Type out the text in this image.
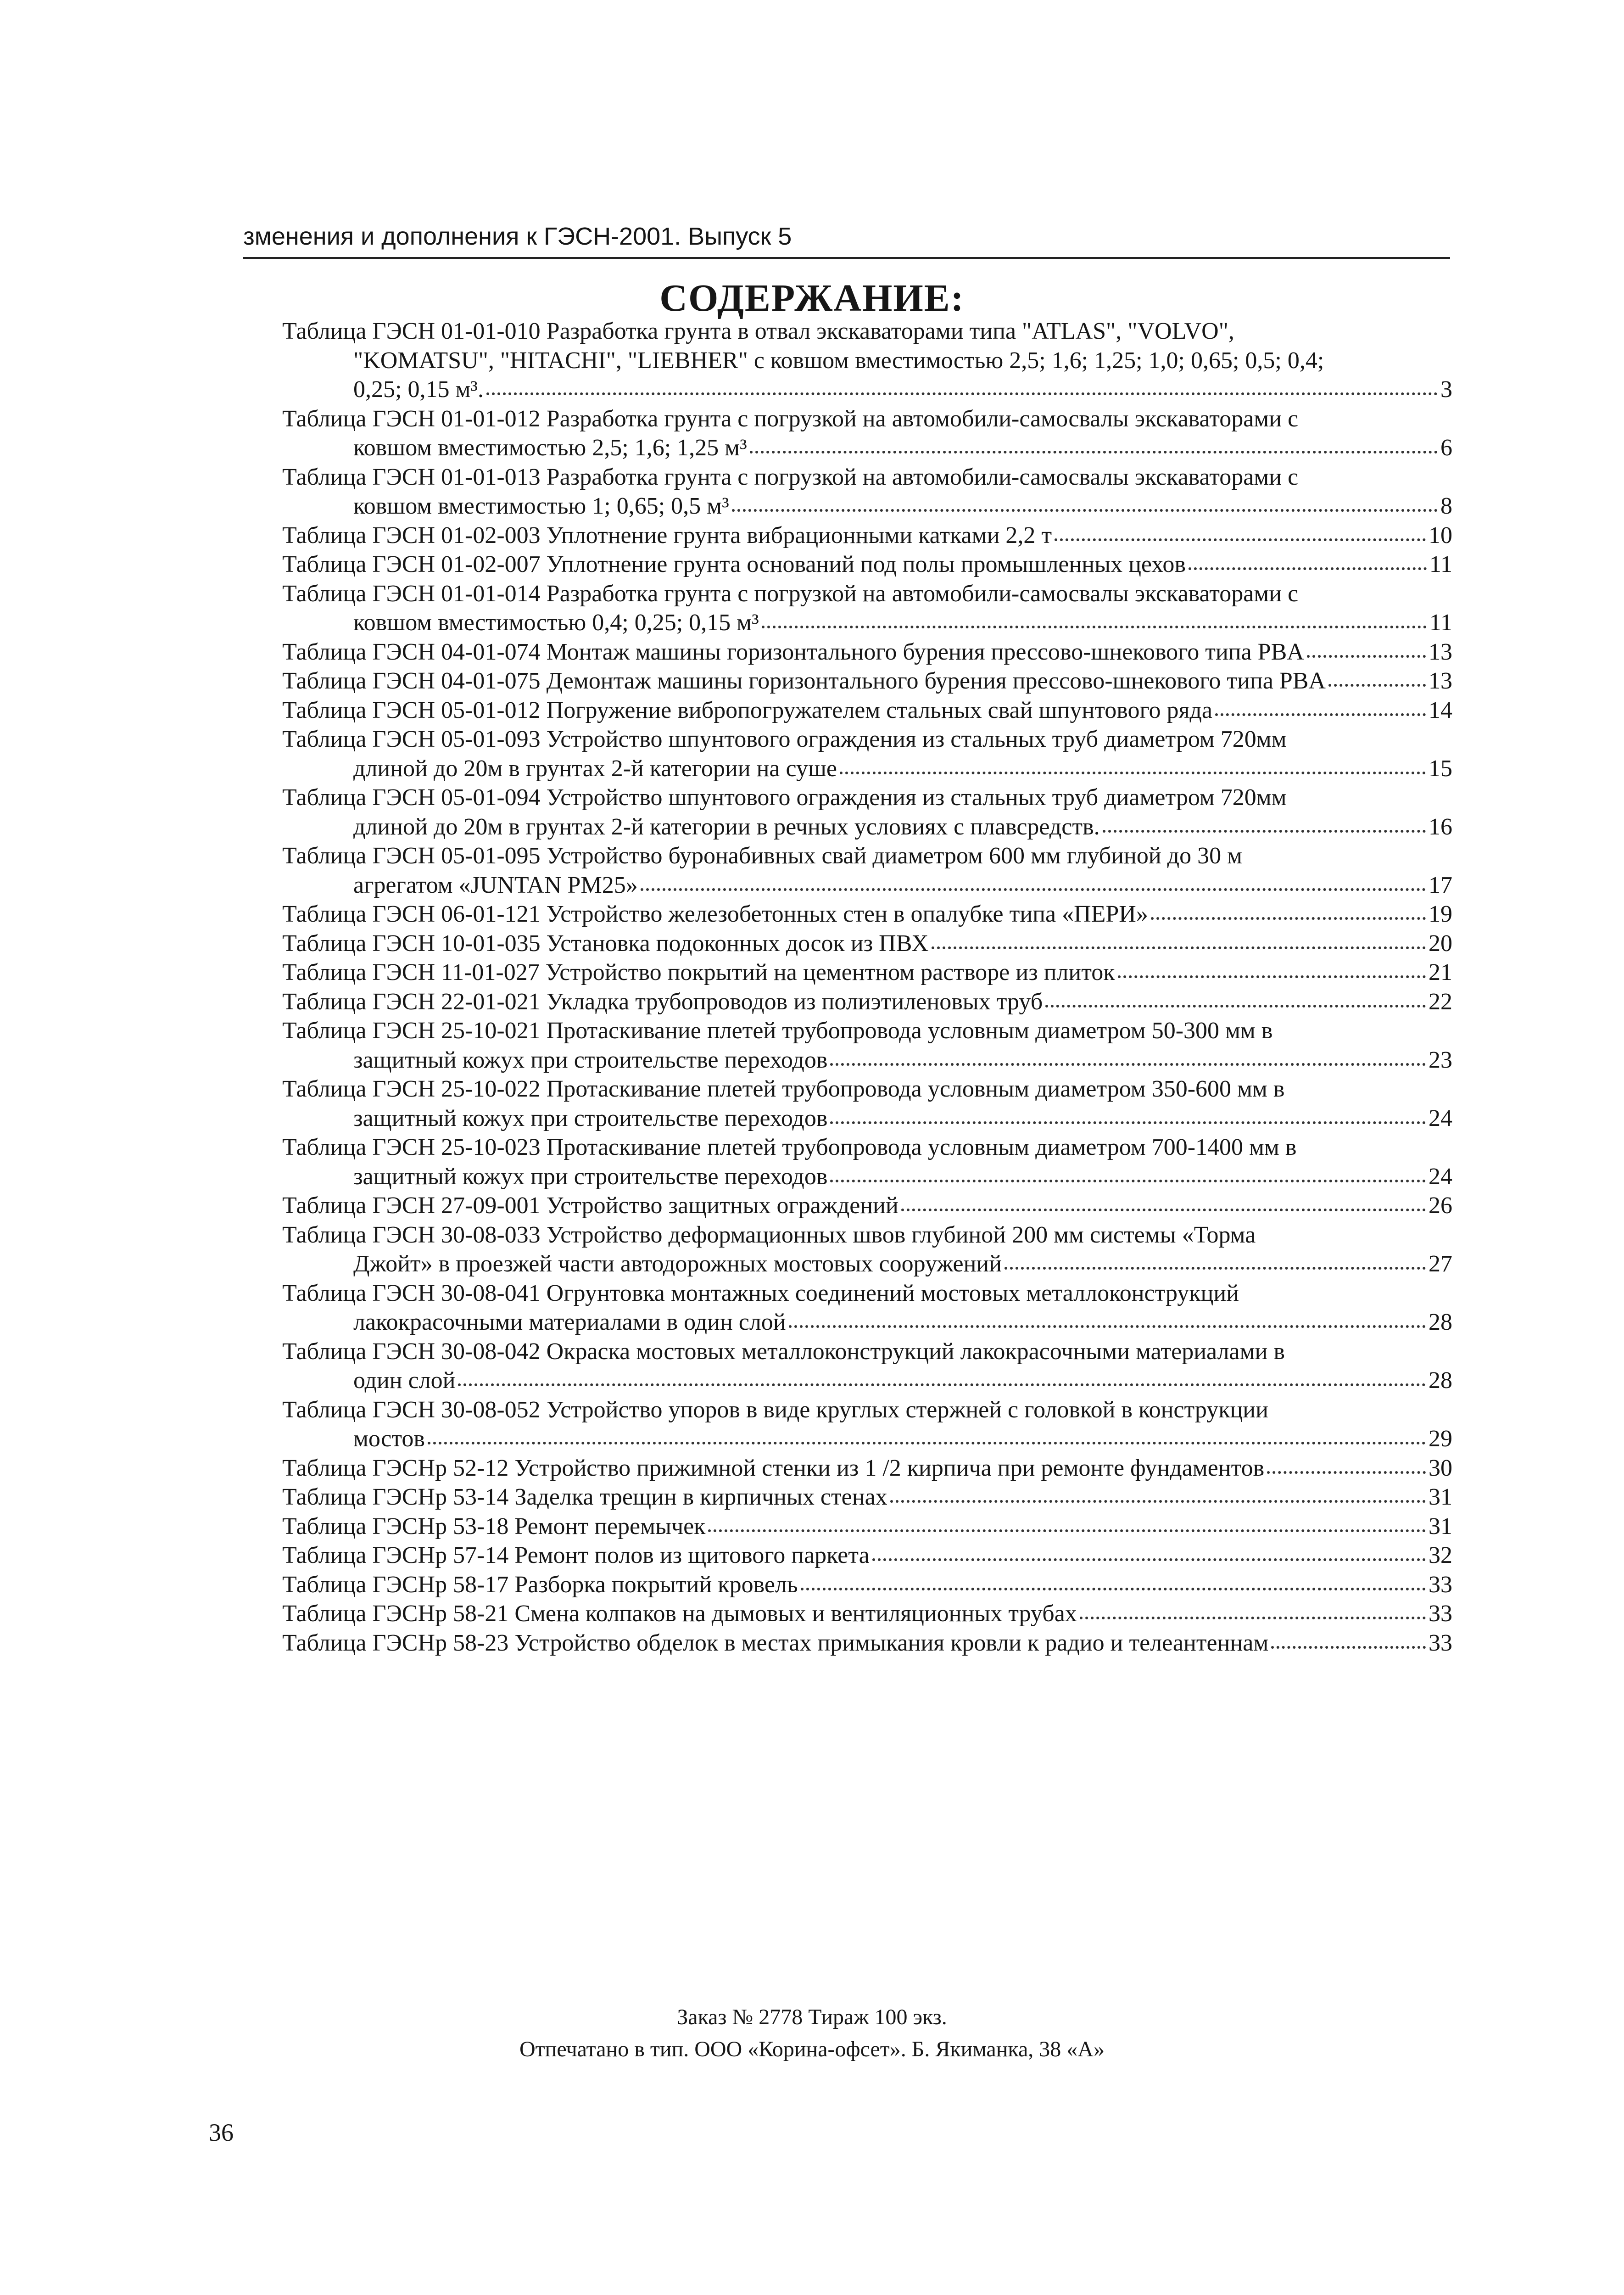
зменения и дополнения к ГЭСН-2001. Выпуск 5
СОДЕРЖАНИЕ:
Таблица ГЭСН 01-01-010 Разработка грунта в отвал экскаваторами типа "ATLAS", "VOLVO",
"KOMATSU", "HITACHI", "LIEBHER" с ковшом вместимостью 2,5; 1,6; 1,25; 1,0; 0,65; 0,5; 0,4;
0,25; 0,15 м³.	3
Таблица ГЭСН 01-01-012 Разработка грунта с погрузкой на автомобили-самосвалы экскаваторами с
ковшом вместимостью 2,5; 1,6; 1,25 м³	6
Таблица ГЭСН 01-01-013 Разработка грунта с погрузкой на автомобили-самосвалы экскаваторами с
ковшом вместимостью 1; 0,65; 0,5 м³	8
Таблица ГЭСН 01-02-003 Уплотнение грунта вибрационными катками 2,2 т	10
Таблица ГЭСН 01-02-007 Уплотнение грунта оснований под полы промышленных цехов	11
Таблица ГЭСН 01-01-014 Разработка грунта с погрузкой на автомобили-самосвалы экскаваторами с
ковшом вместимостью 0,4; 0,25; 0,15 м³	11
Таблица ГЭСН 04-01-074 Монтаж машины горизонтального бурения прессово-шнекового типа PBA	13
Таблица ГЭСН 04-01-075 Демонтаж машины горизонтального бурения прессово-шнекового типа PBA	13
Таблица ГЭСН 05-01-012 Погружение вибропогружателем стальных свай шпунтового ряда	14
Таблица ГЭСН 05-01-093 Устройство шпунтового ограждения из стальных труб диаметром 720мм
длиной до 20м в грунтах 2-й категории на суше	15
Таблица ГЭСН 05-01-094 Устройство шпунтового ограждения из стальных труб диаметром 720мм
длиной до 20м в грунтах 2-й категории в речных условиях с плавсредств.	16
Таблица ГЭСН 05-01-095 Устройство буронабивных свай диаметром 600 мм глубиной до 30 м
агрегатом «JUNTAN PM25»	17
Таблица ГЭСН 06-01-121 Устройство железобетонных стен в опалубке типа «ПЕРИ»	19
Таблица ГЭСН 10-01-035 Установка подоконных досок из ПВХ	20
Таблица ГЭСН 11-01-027 Устройство покрытий на цементном растворе из плиток	21
Таблица ГЭСН 22-01-021 Укладка трубопроводов из полиэтиленовых труб	22
Таблица ГЭСН 25-10-021 Протаскивание плетей трубопровода условным диаметром 50-300 мм в
защитный кожух при строительстве переходов	23
Таблица ГЭСН 25-10-022 Протаскивание плетей трубопровода условным диаметром 350-600 мм в
защитный кожух при строительстве переходов	24
Таблица ГЭСН 25-10-023 Протаскивание плетей трубопровода условным диаметром 700-1400 мм в
защитный кожух при строительстве переходов	24
Таблица ГЭСН 27-09-001 Устройство защитных ограждений	26
Таблица ГЭСН 30-08-033 Устройство деформационных швов глубиной 200 мм системы «Торма
Джойт» в проезжей части автодорожных мостовых сооружений	27
Таблица ГЭСН 30-08-041 Огрунтовка монтажных соединений мостовых металлоконструкций
лакокрасочными материалами в один слой	28
Таблица ГЭСН 30-08-042 Окраска мостовых металлоконструкций лакокрасочными материалами в
один слой	28
Таблица ГЭСН 30-08-052 Устройство упоров в виде круглых стержней с головкой в конструкции
мостов	29
Таблица ГЭСНр 52-12 Устройство прижимной стенки из 1 /2 кирпича при ремонте фундаментов	30
Таблица ГЭСНр 53-14 Заделка трещин в кирпичных стенах	31
Таблица ГЭСНр 53-18 Ремонт перемычек	31
Таблица ГЭСНр 57-14 Ремонт полов из щитового паркета	32
Таблица ГЭСНр 58-17 Разборка покрытий кровель	33
Таблица ГЭСНр 58-21 Смена колпаков на дымовых и вентиляционных трубах	33
Таблица ГЭСНр 58-23 Устройство обделок в местах примыкания кровли к радио и телеантеннам	33
Заказ № 2778 Тираж 100 экз.
Отпечатано в тип. ООО «Корина-офсет». Б. Якиманка, 38 «А»
36
